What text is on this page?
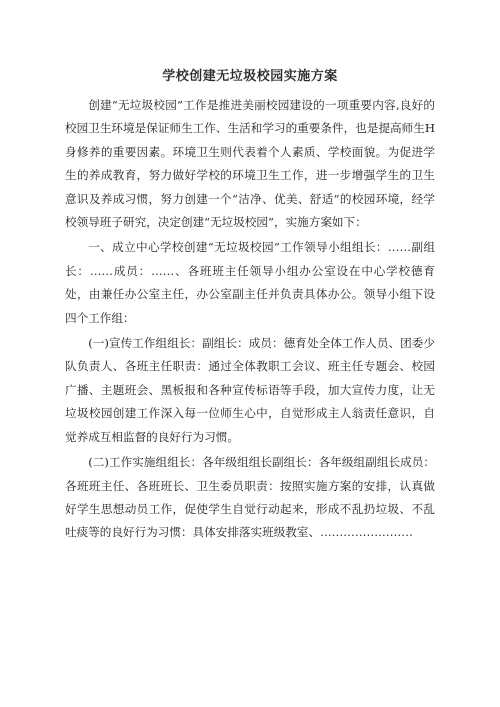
学校创建无垃圾校园实施方案

创建“无垃圾校园”工作是推进美丽校园建设的一项重要内容,良好的校园卫生环境是保证师生工作、生活和学习的重要条件，也是提高师生H身修养的重要因素。环境卫生则代表着个人素质、学校面貌。为促进学生的养成教育，努力做好学校的环境卫生工作，进一步增强学生的卫生意识及养成习惯，努力创建一个“洁净、优美、舒适”的校园环境，经学校领导班子研究，决定创建“无垃圾校园”，实施方案如下：

一、成立中心学校创建“无垃圾校园”工作领导小组组长：……副组长：……成员：……、各班班主任领导小组办公室设在中心学校德育处，由兼任办公室主任，办公室副主任并负责具体办公。领导小组下设四个工作组：

(一)宣传工作组组长：副组长：成员：德育处全体工作人员、团委少队负责人、各班主任职责：通过全体教职工会议、班主任专题会、校园广播、主题班会、黑板报和各种宣传标语等手段，加大宣传力度，让无垃圾校园创建工作深入每一位师生心中，自觉形成主人翁责任意识，自觉养成互相监督的良好行为习惯。

(二)工作实施组组长：各年级组组长副组长：各年级组副组长成员：各班班主任、各班班长、卫生委员职责：按照实施方案的安排，认真做好学生思想动员工作，促使学生自觉行动起来，形成不乱扔垃圾、不乱吐痰等的良好行为习惯：具体安排落实班级教室、……………………
